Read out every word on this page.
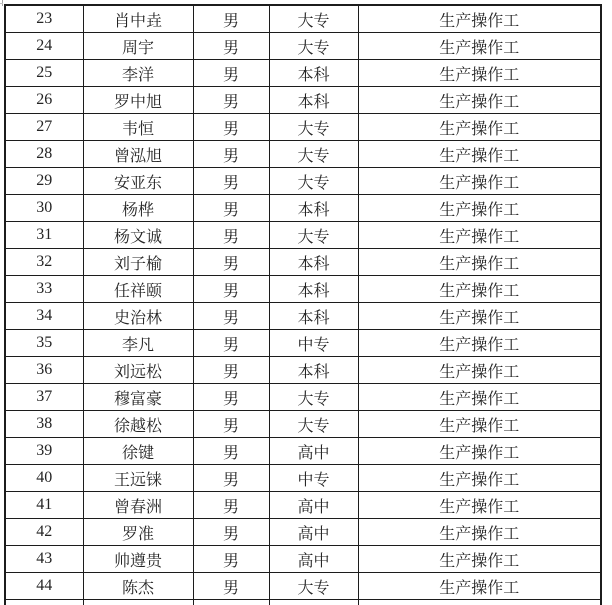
23	肖中垚	男	大专	生产操作工
24	周宇	男	大专	生产操作工
25	李洋	男	本科	生产操作工
26	罗中旭	男	本科	生产操作工
27	韦恒	男	大专	生产操作工
28	曾泓旭	男	大专	生产操作工
29	安亚东	男	大专	生产操作工
30	杨桦	男	本科	生产操作工
31	杨文诚	男	大专	生产操作工
32	刘子榆	男	本科	生产操作工
33	任祥颐	男	本科	生产操作工
34	史治林	男	本科	生产操作工
35	李凡	男	中专	生产操作工
36	刘远松	男	本科	生产操作工
37	穆富豪	男	大专	生产操作工
38	徐越松	男	大专	生产操作工
39	徐键	男	高中	生产操作工
40	王远铼	男	中专	生产操作工
41	曾春洲	男	高中	生产操作工
42	罗准	男	高中	生产操作工
43	帅遵贵	男	高中	生产操作工
44	陈杰	男	大专	生产操作工
